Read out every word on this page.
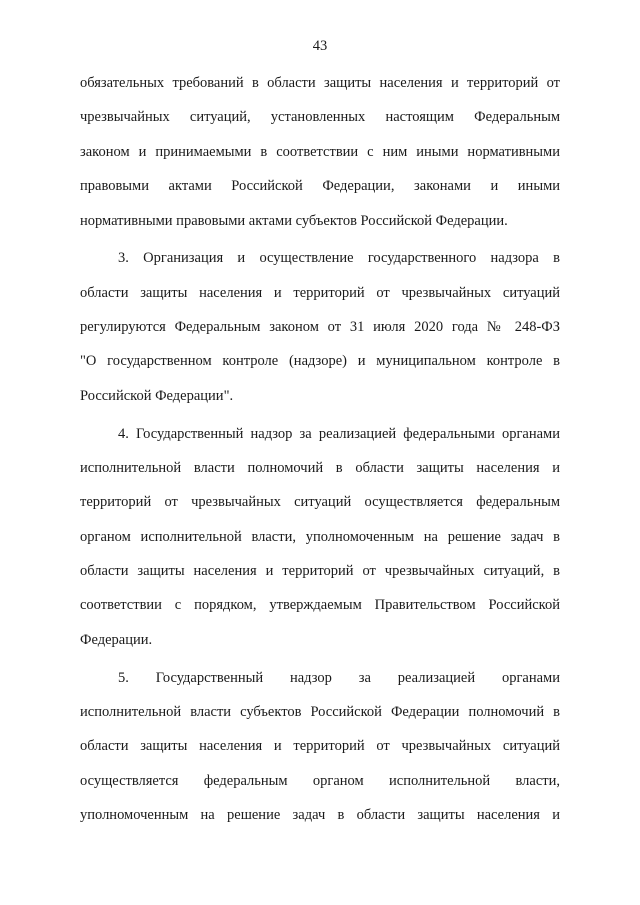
43
обязательных требований в области защиты населения и территорий от
чрезвычайных ситуаций, установленных настоящим Федеральным
законом и принимаемыми в соответствии с ним иными нормативными
правовыми актами Российской Федерации, законами и иными
нормативными правовыми актами субъектов Российской Федерации.
3. Организация и осуществление государственного надзора в
области защиты населения и территорий от чрезвычайных ситуаций
регулируются Федеральным законом от 31 июля 2020 года № 248-ФЗ
"О государственном контроле (надзоре) и муниципальном контроле в
Российской Федерации".
4. Государственный надзор за реализацией федеральными органами
исполнительной власти полномочий в области защиты населения и
территорий от чрезвычайных ситуаций осуществляется федеральным
органом исполнительной власти, уполномоченным на решение задач в
области защиты населения и территорий от чрезвычайных ситуаций, в
соответствии с порядком, утверждаемым Правительством Российской
Федерации.
5. Государственный надзор за реализацией органами
исполнительной власти субъектов Российской Федерации полномочий в
области защиты населения и территорий от чрезвычайных ситуаций
осуществляется федеральным органом исполнительной власти,
уполномоченным на решение задач в области защиты населения и
